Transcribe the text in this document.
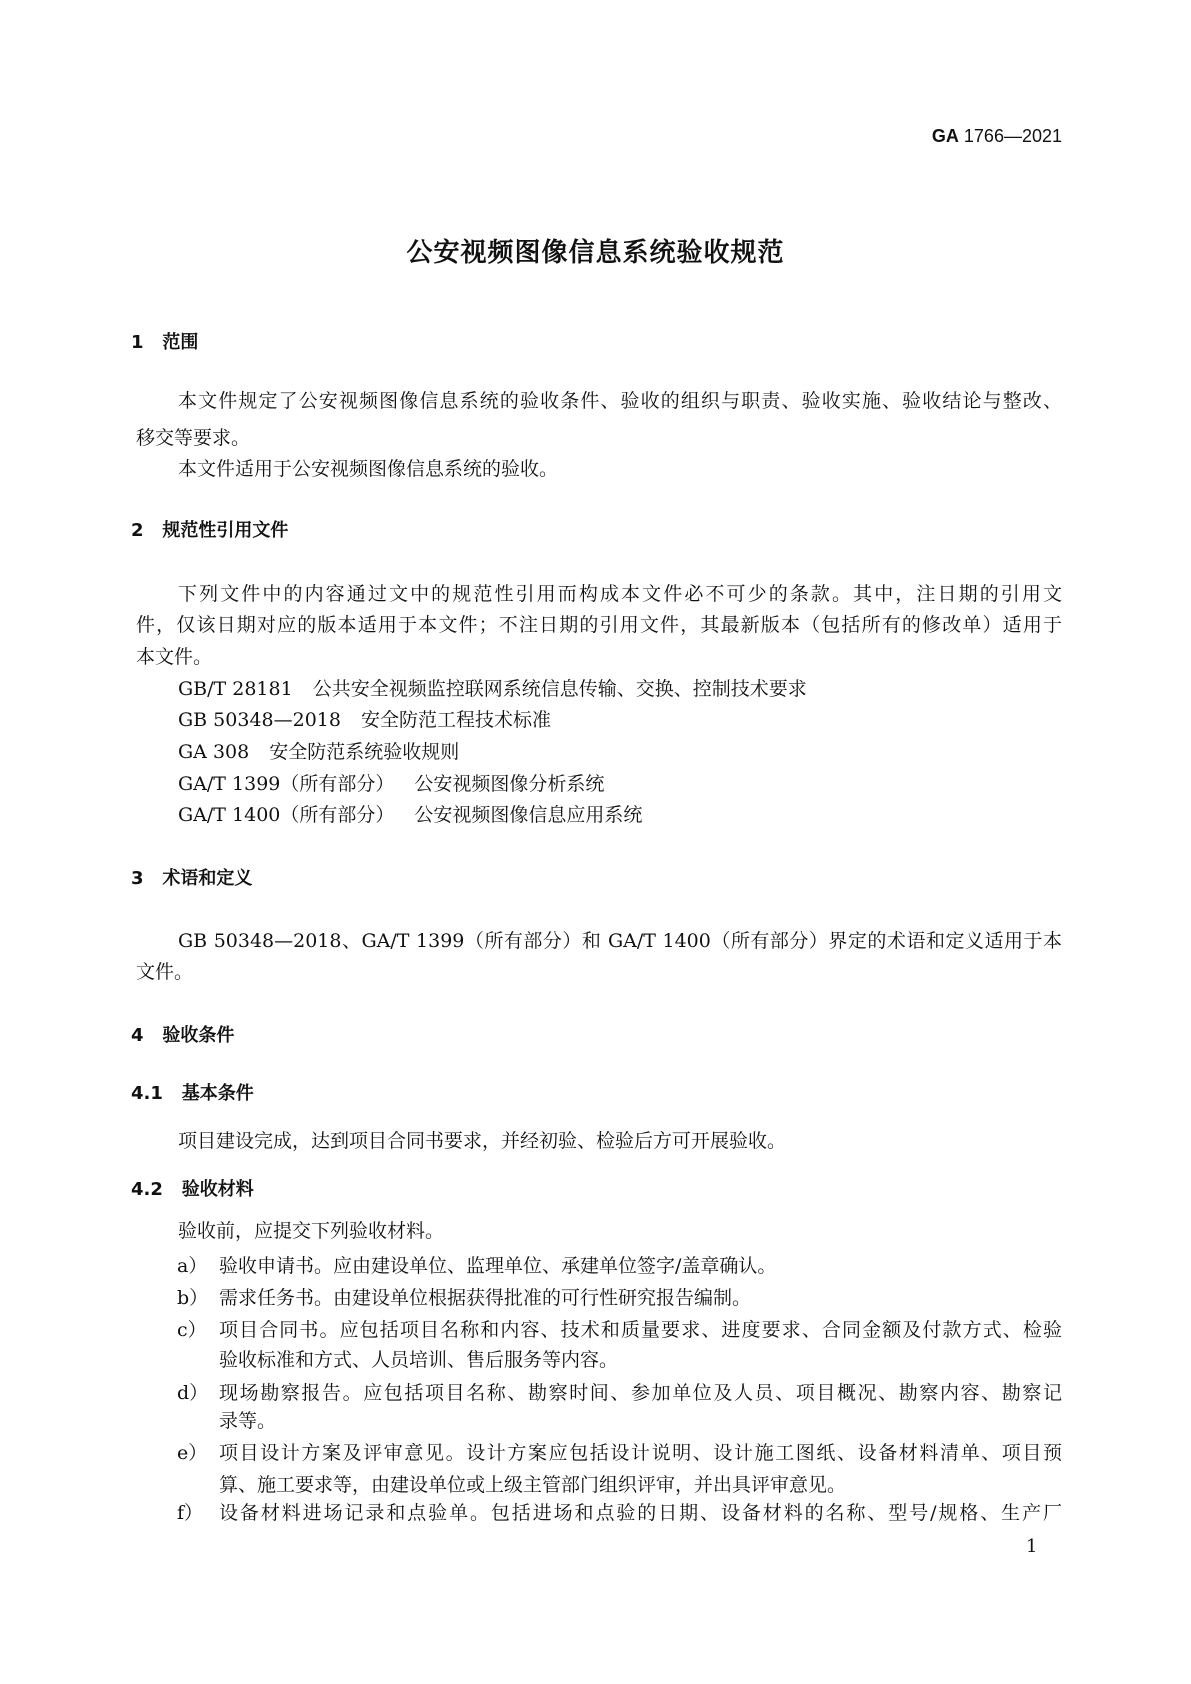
GA 1766—2021
公安视频图像信息系统验收规范
1 范围
本文件规定了公安视频图像信息系统的验收条件、验收的组织与职责、验收实施、验收结论与整改、
移交等要求。
本文件适用于公安视频图像信息系统的验收。
2 规范性引用文件
下列文件中的内容通过文中的规范性引用而构成本文件必不可少的条款。其中，注日期的引用文
件，仅该日期对应的版本适用于本文件；不注日期的引用文件，其最新版本（包括所有的修改单）适用于
本文件。
GB/T 28181 公共安全视频监控联网系统信息传输、交换、控制技术要求
GB 50348—2018 安全防范工程技术标准
GA 308 安全防范系统验收规则
GA/T 1399（所有部分） 公安视频图像分析系统
GA/T 1400（所有部分） 公安视频图像信息应用系统
3 术语和定义
GB 50348—2018、GA/T 1399（所有部分）和 GA/T 1400（所有部分）界定的术语和定义适用于本
文件。
4 验收条件
4.1 基本条件
项目建设完成，达到项目合同书要求，并经初验、检验后方可开展验收。
4.2 验收材料
验收前，应提交下列验收材料。
a） 验收申请书。应由建设单位、监理单位、承建单位签字/盖章确认。
b） 需求任务书。由建设单位根据获得批准的可行性研究报告编制。
c） 项目合同书。应包括项目名称和内容、技术和质量要求、进度要求、合同金额及付款方式、检验
验收标准和方式、人员培训、售后服务等内容。
d） 现场勘察报告。应包括项目名称、勘察时间、参加单位及人员、项目概况、勘察内容、勘察记
录等。
e） 项目设计方案及评审意见。设计方案应包括设计说明、设计施工图纸、设备材料清单、项目预
算、施工要求等，由建设单位或上级主管部门组织评审，并出具评审意见。
f） 设备材料进场记录和点验单。包括进场和点验的日期、设备材料的名称、型号/规格、生产厂
1
